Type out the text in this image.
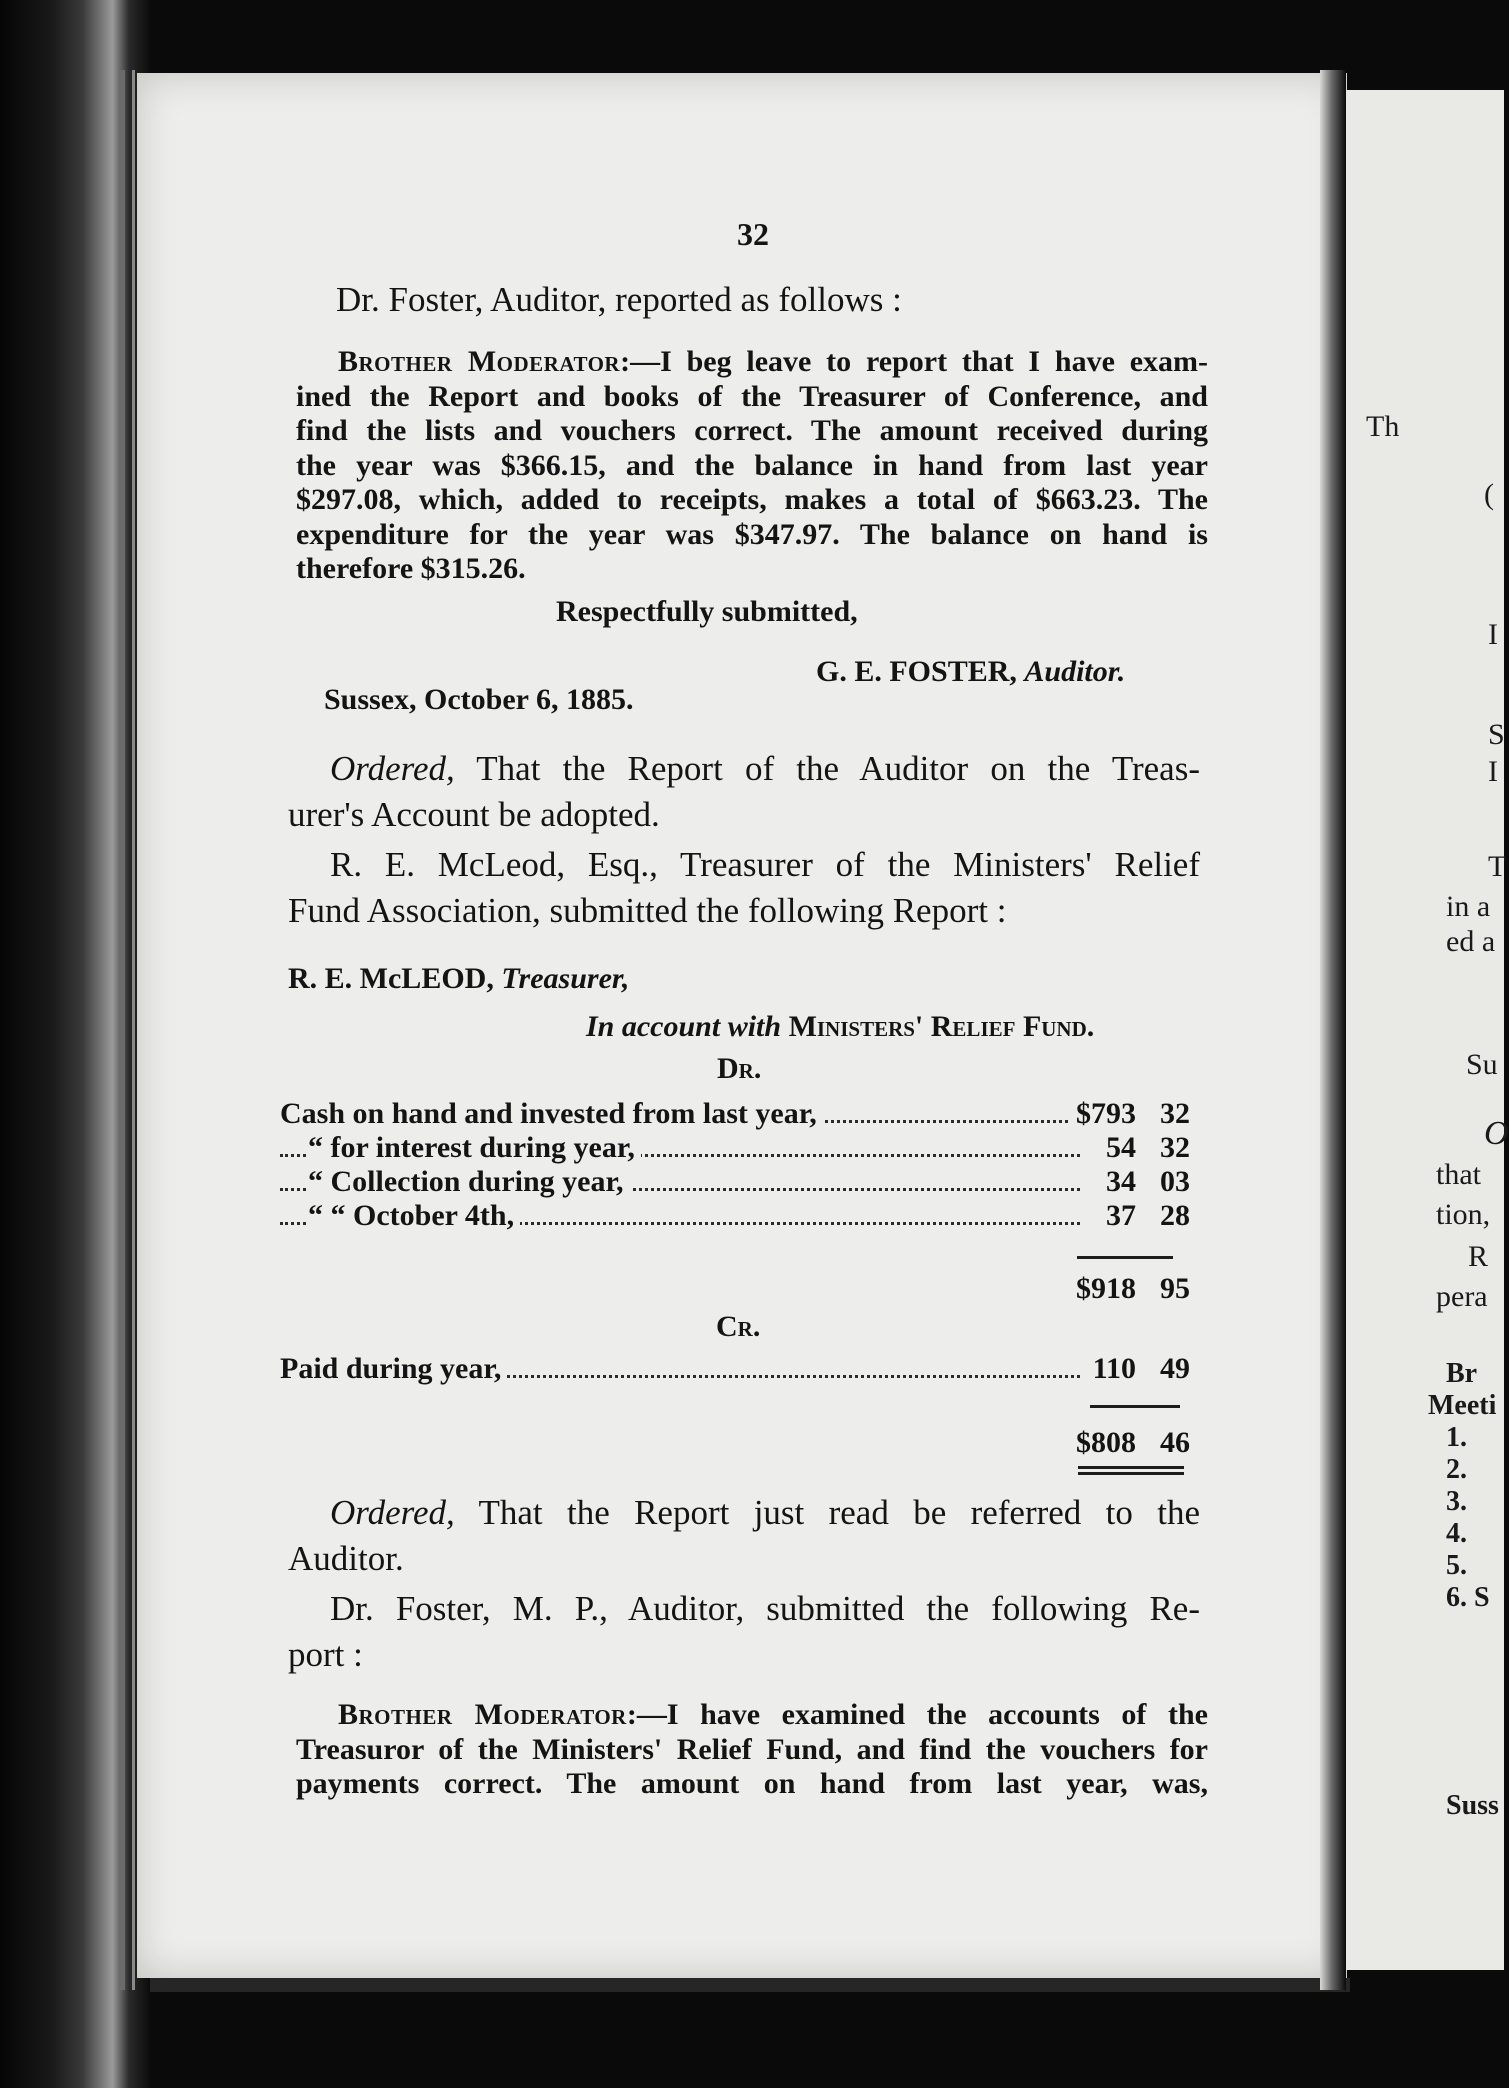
Th
(
I
S
I
T
in a
ed a
Su
O
that
tion,
R
pera
Br
Meeti
1.
2.
3.
4.
5.
6. S
Suss
32
Dr. Foster, Auditor, reported as follows :
Brother Moderator:—I beg leave to report that I have exam-
ined the Report and books of the Treasurer of Conference, and
find the lists and vouchers correct. The amount received during
the year was $366.15, and the balance in hand from last year
$297.08, which, added to receipts, makes a total of $663.23. The
expenditure for the year was $347.97. The balance on hand is
therefore $315.26.
Respectfully submitted,
G. E. FOSTER, Auditor.
Sussex, October 6, 1885.
Ordered, That the Report of the Auditor on the Treas-
urer's Account be adopted.
R. E. McLeod, Esq., Treasurer of the Ministers' Relief
Fund Association, submitted the following Report :
R. E. McLEOD, Treasurer,
In account with Ministers' Relief Fund.
Dr.
Cash on hand and invested from last year,	$793 32
“ for interest during year,	54 32
“ Collection during year,	34 03
“ “ October 4th,	37 28
$918 95
Cr.
Paid during year,	110 49
$808 46
Ordered, That the Report just read be referred to the
Auditor.
Dr. Foster, M. P., Auditor, submitted the following Re-
port :
Brother Moderator:—I have examined the accounts of the
Treasuror of the Ministers' Relief Fund, and find the vouchers for
payments correct. The amount on hand from last year, was,
